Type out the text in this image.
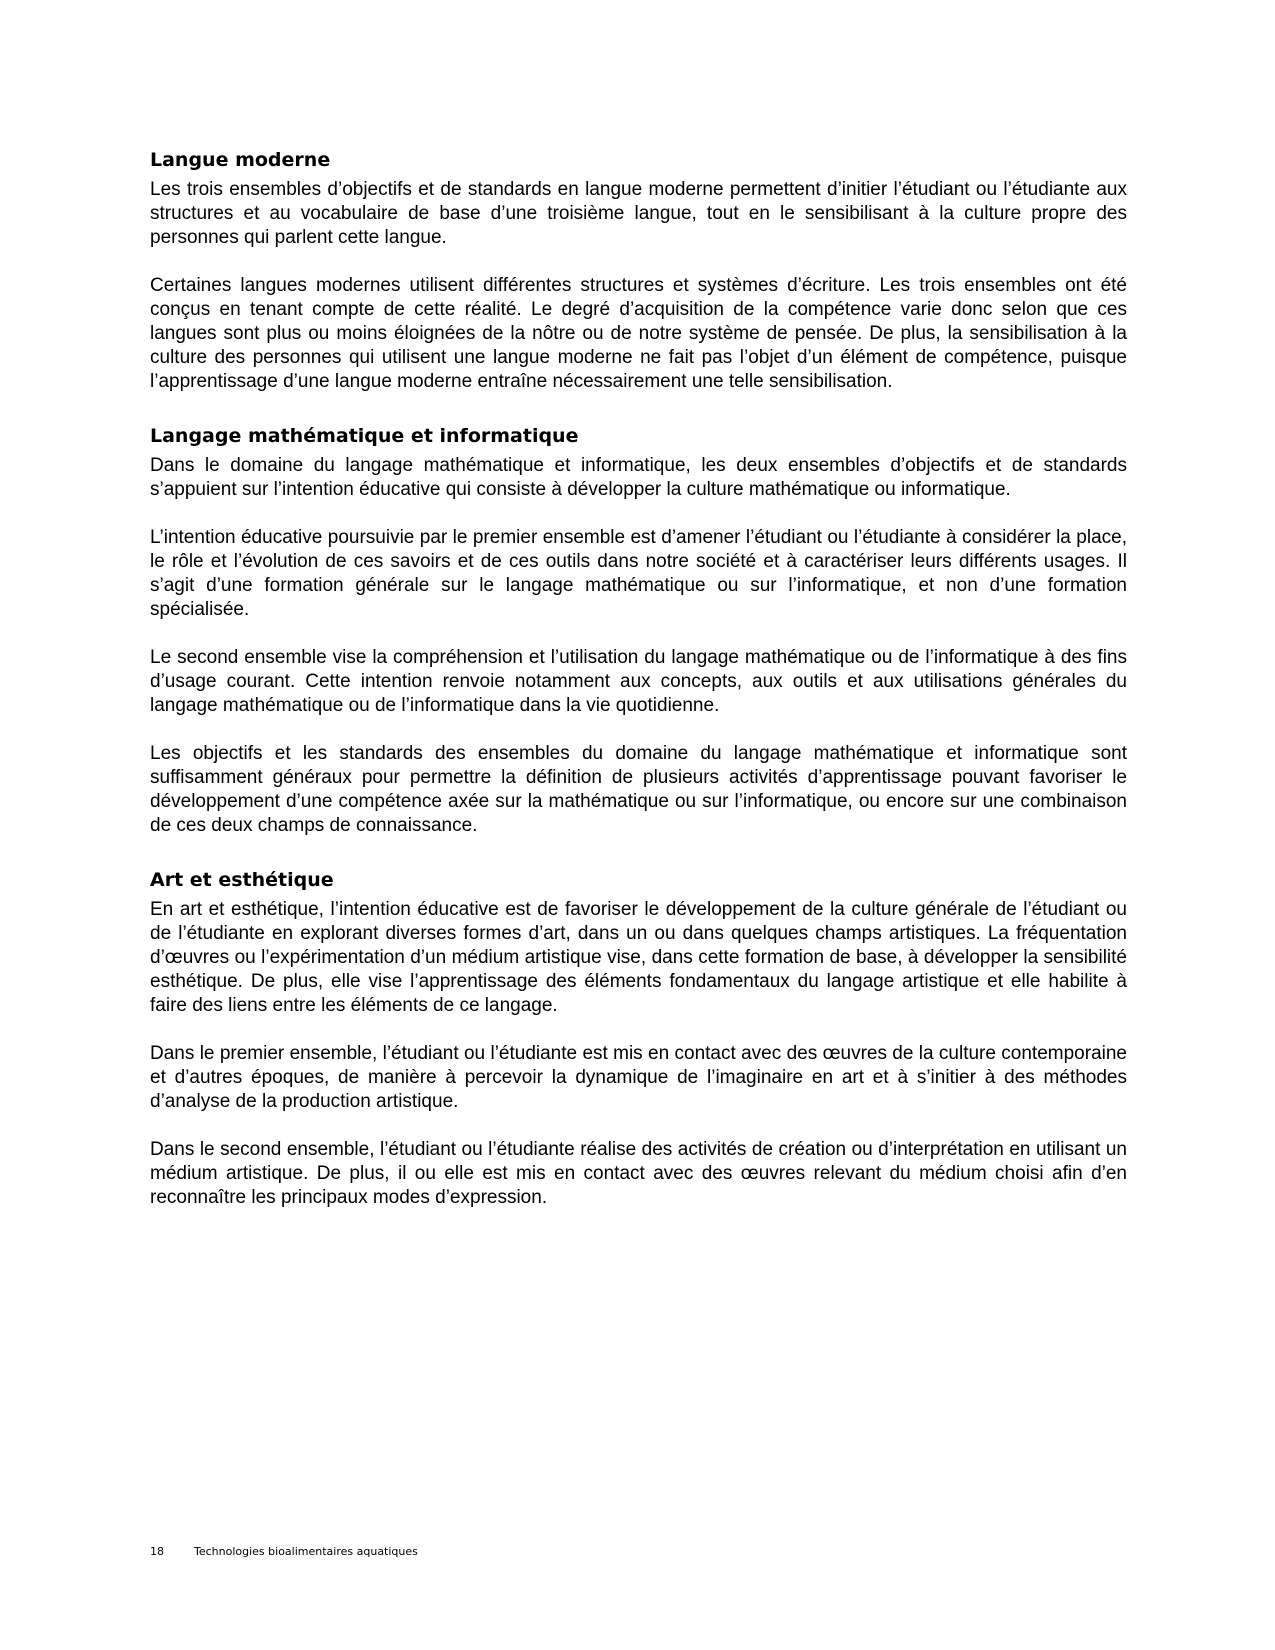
Langue moderne

Les trois ensembles d’objectifs et de standards en langue moderne permettent d’initier l’étudiant ou l’étudiante aux structures et au vocabulaire de base d’une troisième langue, tout en le sensibilisant à la culture propre des personnes qui parlent cette langue.

Certaines langues modernes utilisent différentes structures et systèmes d’écriture. Les trois ensembles ont été conçus en tenant compte de cette réalité. Le degré d’acquisition de la compétence varie donc selon que ces langues sont plus ou moins éloignées de la nôtre ou de notre système de pensée. De plus, la sensibilisation à la culture des personnes qui utilisent une langue moderne ne fait pas l’objet d’un élément de compétence, puisque l’apprentissage d’une langue moderne entraîne nécessairement une telle sensibilisation.

Langage mathématique et informatique

Dans le domaine du langage mathématique et informatique, les deux ensembles d’objectifs et de standards s’appuient sur l’intention éducative qui consiste à développer la culture mathématique ou informatique.

L’intention éducative poursuivie par le premier ensemble est d’amener l’étudiant ou l’étudiante à considérer la place, le rôle et l’évolution de ces savoirs et de ces outils dans notre société et à caractériser leurs différents usages. Il s’agit d’une formation générale sur le langage mathématique ou sur l’informatique, et non d’une formation spécialisée.

Le second ensemble vise la compréhension et l’utilisation du langage mathématique ou de l’informatique à des fins d’usage courant. Cette intention renvoie notamment aux concepts, aux outils et aux utilisations générales du langage mathématique ou de l’informatique dans la vie quotidienne.

Les objectifs et les standards des ensembles du domaine du langage mathématique et informatique sont suffisamment généraux pour permettre la définition de plusieurs activités d’apprentissage pouvant favoriser le développement d’une compétence axée sur la mathématique ou sur l’informatique, ou encore sur une combinaison de ces deux champs de connaissance.

Art et esthétique

En art et esthétique, l’intention éducative est de favoriser le développement de la culture générale de l’étudiant ou de l’étudiante en explorant diverses formes d’art, dans un ou dans quelques champs artistiques. La fréquentation d’œuvres ou l’expérimentation d’un médium artistique vise, dans cette formation de base, à développer la sensibilité esthétique. De plus, elle vise l’apprentissage des éléments fondamentaux du langage artistique et elle habilite à faire des liens entre les éléments de ce langage.

Dans le premier ensemble, l’étudiant ou l’étudiante est mis en contact avec des œuvres de la culture contemporaine et d’autres époques, de manière à percevoir la dynamique de l’imaginaire en art et à s’initier à des méthodes d’analyse de la production artistique.

Dans le second ensemble, l’étudiant ou l’étudiante réalise des activités de création ou d’interprétation en utilisant un médium artistique. De plus, il ou elle est mis en contact avec des œuvres relevant du médium choisi afin d’en reconnaître les principaux modes d’expression.

18	Technologies bioalimentaires aquatiques
